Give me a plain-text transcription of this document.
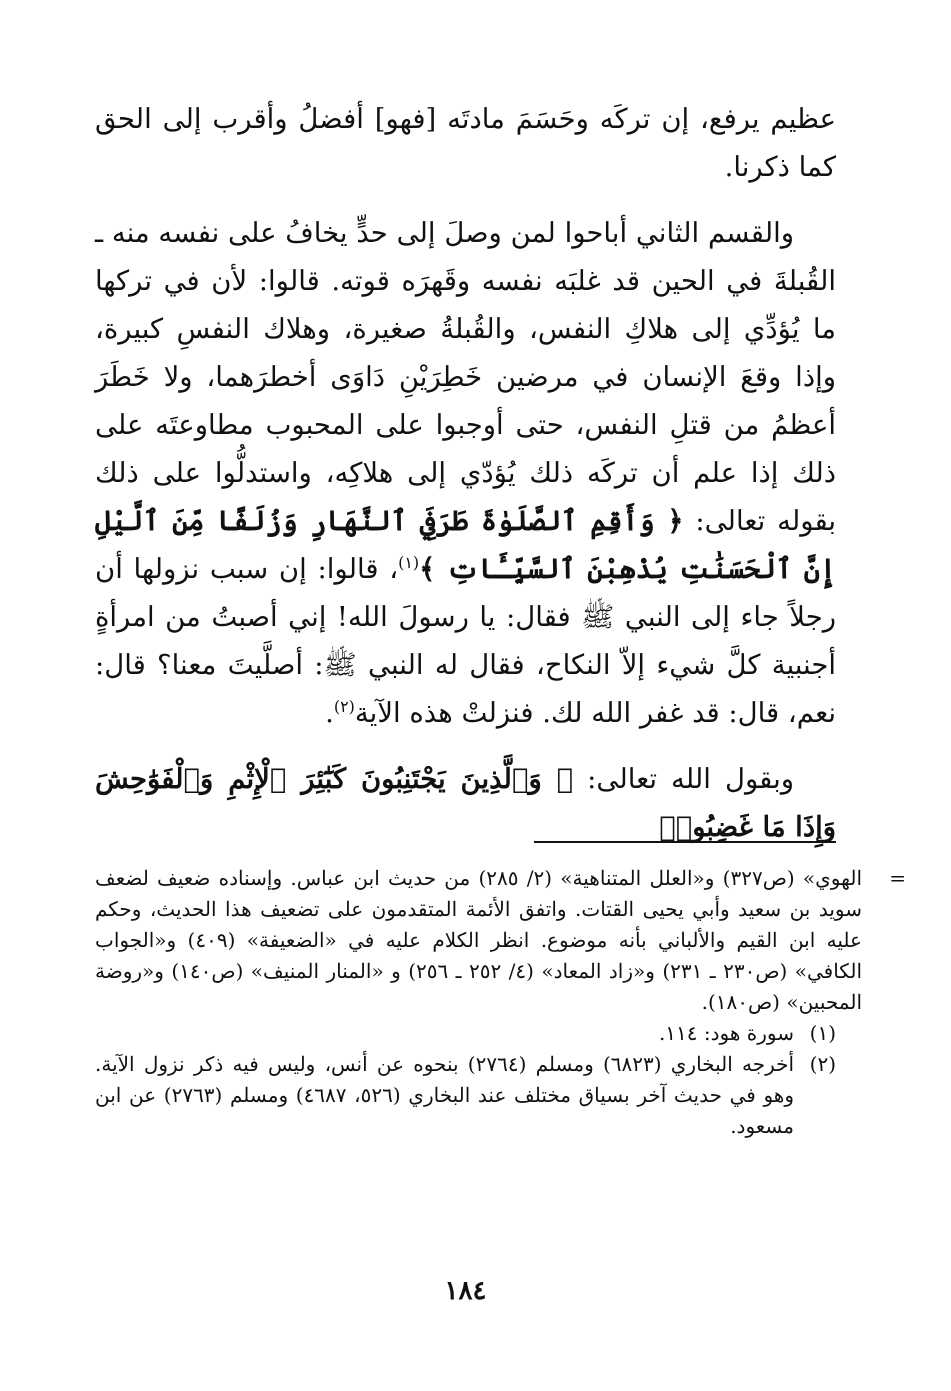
عظيم يرفع، إن تركَه وحَسَمَ مادتَه [فهو] أفضلُ وأقرب إلى الحق كما ذكرنا.

والقسم الثاني أباحوا لمن وصلَ إلى حدٍّ يخافُ على نفسه منه ـ القُبلةَ في الحين قد غلبَه نفسه وقَهرَه قوته. قالوا: لأن في تركها ما يُؤدِّي إلى هلاكِ النفس، والقُبلةُ صغيرة، وهلاك النفسِ كبيرة، وإذا وقعَ الإنسان في مرضين خَطِرَيْنِ دَاوَى أخطرَهما، ولا خَطَرَ أعظمُ من قتلِ النفس، حتى أوجبوا على المحبوب مطاوعتَه على ذلك إذا علم أن تركَه ذلك يُؤدّي إلى هلاكِه، واستدلُّوا على ذلك بقوله تعالى: ﴿ وَأَقِمِ ٱلصَّلَوٰةَ طَرَفَيِ ٱلنَّهَارِ وَزُلَفًا مِّنَ ٱلَّيْلِ إِنَّ ٱلْحَسَنَٰتِ يُذْهِبْنَ ٱلسَّيِّـَٔاتِ ﴾$^{(١)}$، قالوا: إن سبب نزولها أن رجلاً جاء إلى النبي ﷺ فقال: يا رسولَ الله! إني أصبتُ من امرأةٍ أجنبية كلَّ شيء إلاّ النكاح، فقال له النبي ﷺ: أصلَّيتَ معنا؟ قال: نعم، قال: قد غفر الله لك. فنزلتْ هذه الآية$^{(٢)}$.

وبقول الله تعالى: ﴿ وَٱلَّذِينَ يَجْتَنِبُونَ كَبَٰٓئِرَ ٱلْإِثْمِ وَٱلْفَوَٰحِشَ وَإِذَا مَا غَضِبُوا۟

=
الهوي» (ص٣٢٧) و«العلل المتناهية» (٢/ ٢٨٥) من حديث ابن عباس. وإسناده ضعيف لضعف سويد بن سعيد وأبي يحيى القتات. واتفق الأئمة المتقدمون على تضعيف هذا الحديث، وحكم عليه ابن القيم والألباني بأنه موضوع. انظر الكلام عليه في «الضعيفة» (٤٠٩) و«الجواب الكافي» (ص٢٣٠ ـ ٢٣١) و«زاد المعاد» (٤/ ٢٥٢ ـ ٢٥٦) و «المنار المنيف» (ص١٤٠) و«روضة المحبين» (ص١٨٠).
(١)
سورة هود: ١١٤.
(٢)
أخرجه البخاري (٦٨٢٣) ومسلم (٢٧٦٤) بنحوه عن أنس، وليس فيه ذكر نزول الآية. وهو في حديث آخر بسياق مختلف عند البخاري (٥٢٦، ٤٦٨٧) ومسلم (٢٧٦٣) عن ابن مسعود.
١٨٤
